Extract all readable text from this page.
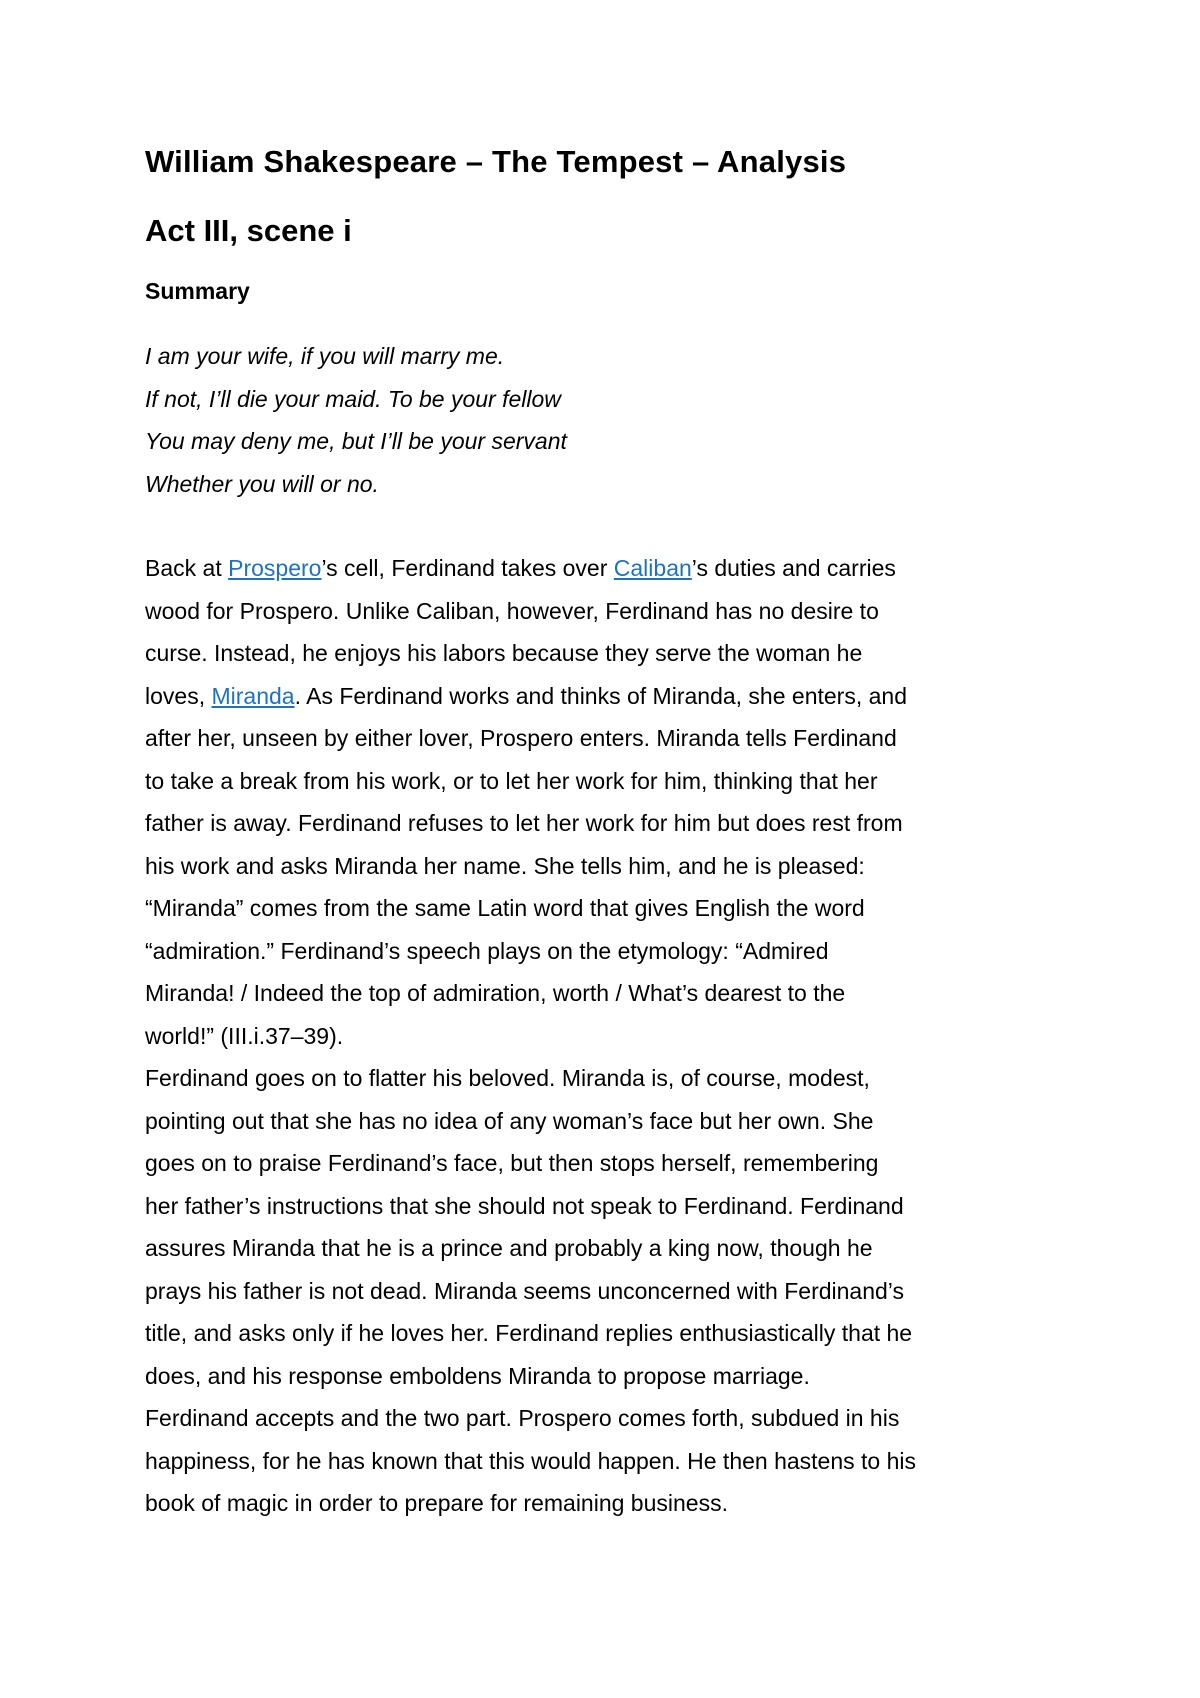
William Shakespeare – The Tempest – Analysis
Act III, scene i
Summary
I am your wife, if you will marry me.
If not, I’ll die your maid. To be your fellow
You may deny me, but I’ll be your servant
Whether you will or no.

Back at Prospero’s cell, Ferdinand takes over Caliban’s duties and carries
wood for Prospero. Unlike Caliban, however, Ferdinand has no desire to
curse. Instead, he enjoys his labors because they serve the woman he
loves, Miranda. As Ferdinand works and thinks of Miranda, she enters, and
after her, unseen by either lover, Prospero enters. Miranda tells Ferdinand
to take a break from his work, or to let her work for him, thinking that her
father is away. Ferdinand refuses to let her work for him but does rest from
his work and asks Miranda her name. She tells him, and he is pleased:
“Miranda” comes from the same Latin word that gives English the word
“admiration.” Ferdinand’s speech plays on the etymology: “Admired
Miranda! / Indeed the top of admiration, worth / What’s dearest to the
world!” (III.i.37–39).

Ferdinand goes on to flatter his beloved. Miranda is, of course, modest,
pointing out that she has no idea of any woman’s face but her own. She
goes on to praise Ferdinand’s face, but then stops herself, remembering
her father’s instructions that she should not speak to Ferdinand. Ferdinand
assures Miranda that he is a prince and probably a king now, though he
prays his father is not dead. Miranda seems unconcerned with Ferdinand’s
title, and asks only if he loves her. Ferdinand replies enthusiastically that he
does, and his response emboldens Miranda to propose marriage.
Ferdinand accepts and the two part. Prospero comes forth, subdued in his
happiness, for he has known that this would happen. He then hastens to his
book of magic in order to prepare for remaining business.
